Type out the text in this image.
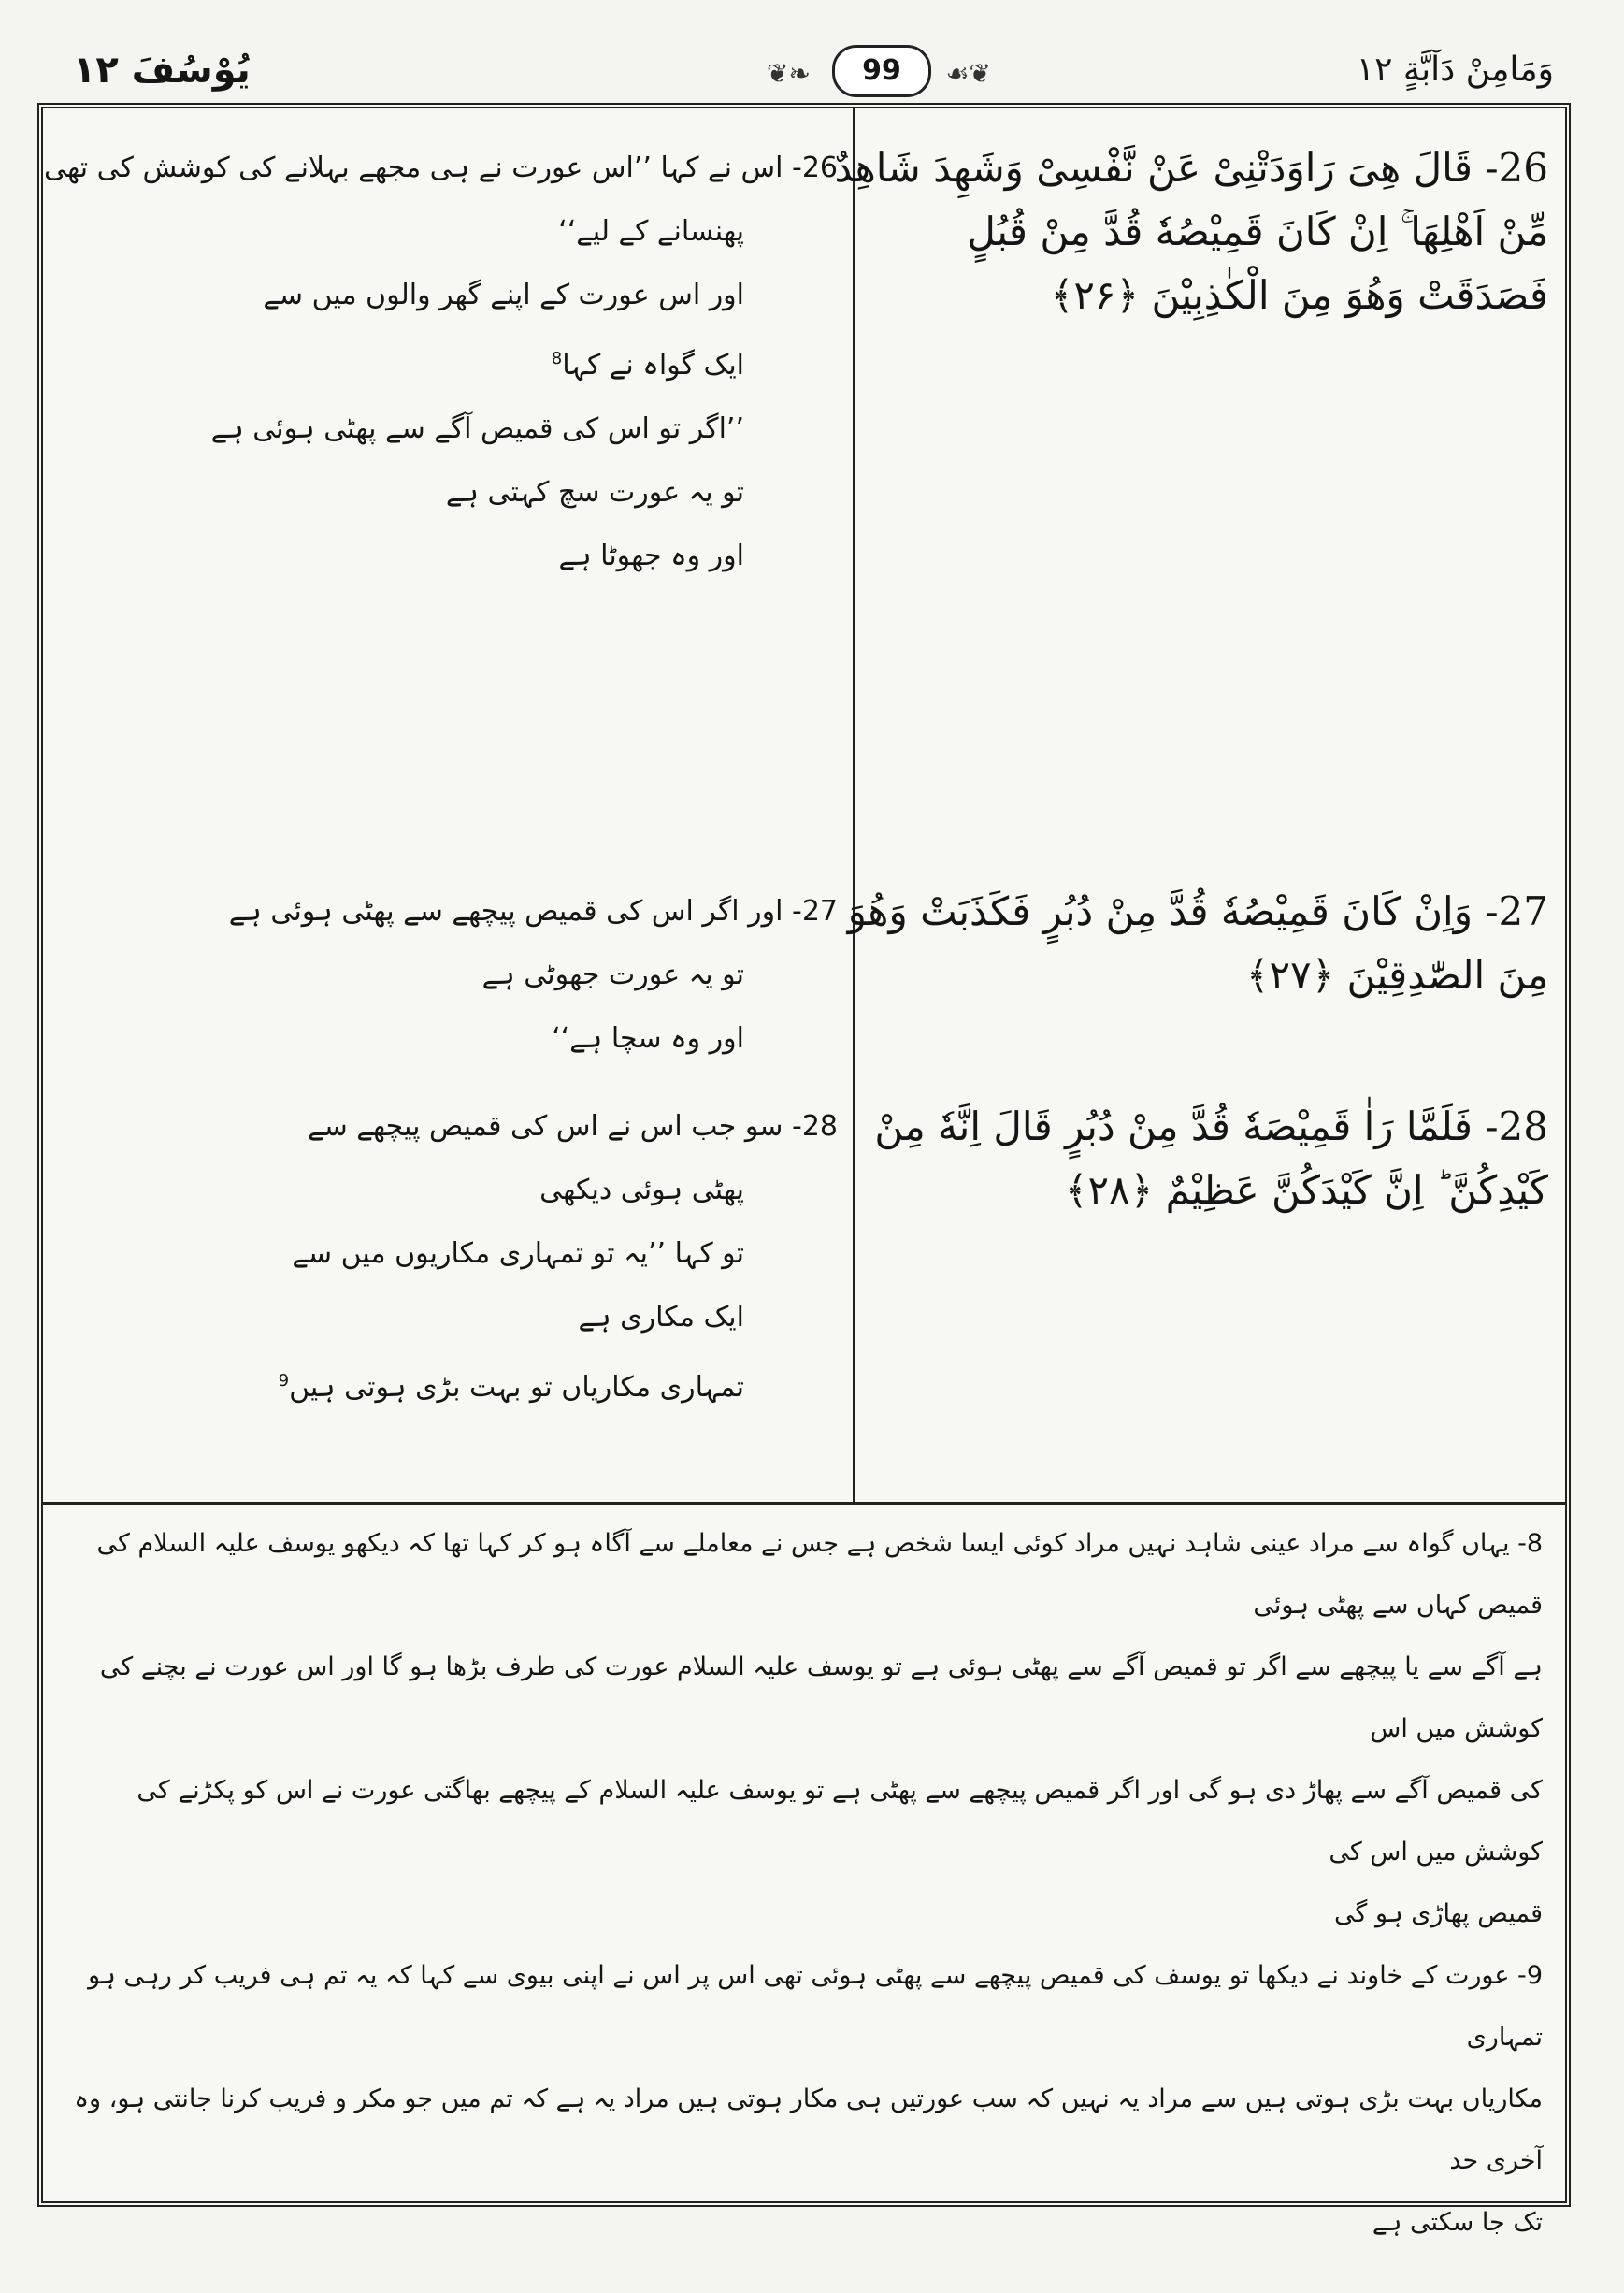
یُوْسُفَ ۱۲	❦❧	99	☙❦	وَمَامِنْ دَآبَّةٍ ۱۲
26- قَالَ هِىَ رَاوَدَتْنِىْ عَنْ نَّفْسِىْ وَشَهِدَ شَاهِدٌ
مِّنْ اَهْلِهَا ۚ اِنْ كَانَ قَمِيْصُهٗ قُدَّ مِنْ قُبُلٍ
فَصَدَقَتْ وَهُوَ مِنَ الْكٰذِبِيْنَ ﴿۲۶﴾
27- وَاِنْ كَانَ قَمِيْصُهٗ قُدَّ مِنْ دُبُرٍ فَكَذَبَتْ وَهُوَ
مِنَ الصّٰدِقِيْنَ ﴿۲۷﴾
28- فَلَمَّا رَاٰ قَمِيْصَهٗ قُدَّ مِنْ دُبُرٍ قَالَ اِنَّهٗ مِنْ
كَيْدِكُنَّ ؕ اِنَّ كَيْدَكُنَّ عَظِيْمٌ ﴿۲۸﴾
26- اس نے کہا ’’اس عورت نے ہی مجھے بہلانے کی کوشش کی تھی
پھنسانے کے لیے‘‘
اور اس عورت کے اپنے گھر والوں میں سے
ایک گواہ نے کہا$^8$
’’اگر تو اس کی قمیص آگے سے پھٹی ہوئی ہے
تو یہ عورت سچ کہتی ہے
اور وہ جھوٹا ہے
27- اور اگر اس کی قمیص پیچھے سے پھٹی ہوئی ہے
تو یہ عورت جھوٹی ہے
اور وہ سچا ہے‘‘
28- سو جب اس نے اس کی قمیص پیچھے سے
پھٹی ہوئی دیکھی
تو کہا ’’یہ تو تمہاری مکاریوں میں سے
ایک مکاری ہے
تمہاری مکاریاں تو بہت بڑی ہوتی ہیں$^9$
8- یہاں گواہ سے مراد عینی شاہد نہیں مراد کوئی ایسا شخص ہے جس نے معاملے سے آگاہ ہو کر کہا تھا کہ دیکھو یوسف علیہ السلام کی قمیص کہاں سے پھٹی ہوئی
ہے آگے سے یا پیچھے سے اگر تو قمیص آگے سے پھٹی ہوئی ہے تو یوسف علیہ السلام عورت کی طرف بڑھا ہو گا اور اس عورت نے بچنے کی کوشش میں اس
کی قمیص آگے سے پھاڑ دی ہو گی اور اگر قمیص پیچھے سے پھٹی ہے تو یوسف علیہ السلام کے پیچھے بھاگتی عورت نے اس کو پکڑنے کی کوشش میں اس کی
قمیص پھاڑی ہو گی
9- عورت کے خاوند نے دیکھا تو یوسف کی قمیص پیچھے سے پھٹی ہوئی تھی اس پر اس نے اپنی بیوی سے کہا کہ یہ تم ہی فریب کر رہی ہو تمہاری
مکاریاں بہت بڑی ہوتی ہیں سے مراد یہ نہیں کہ سب عورتیں ہی مکار ہوتی ہیں مراد یہ ہے کہ تم میں جو مکر و فریب کرنا جانتی ہو، وہ آخری حد
تک جا سکتی ہے
